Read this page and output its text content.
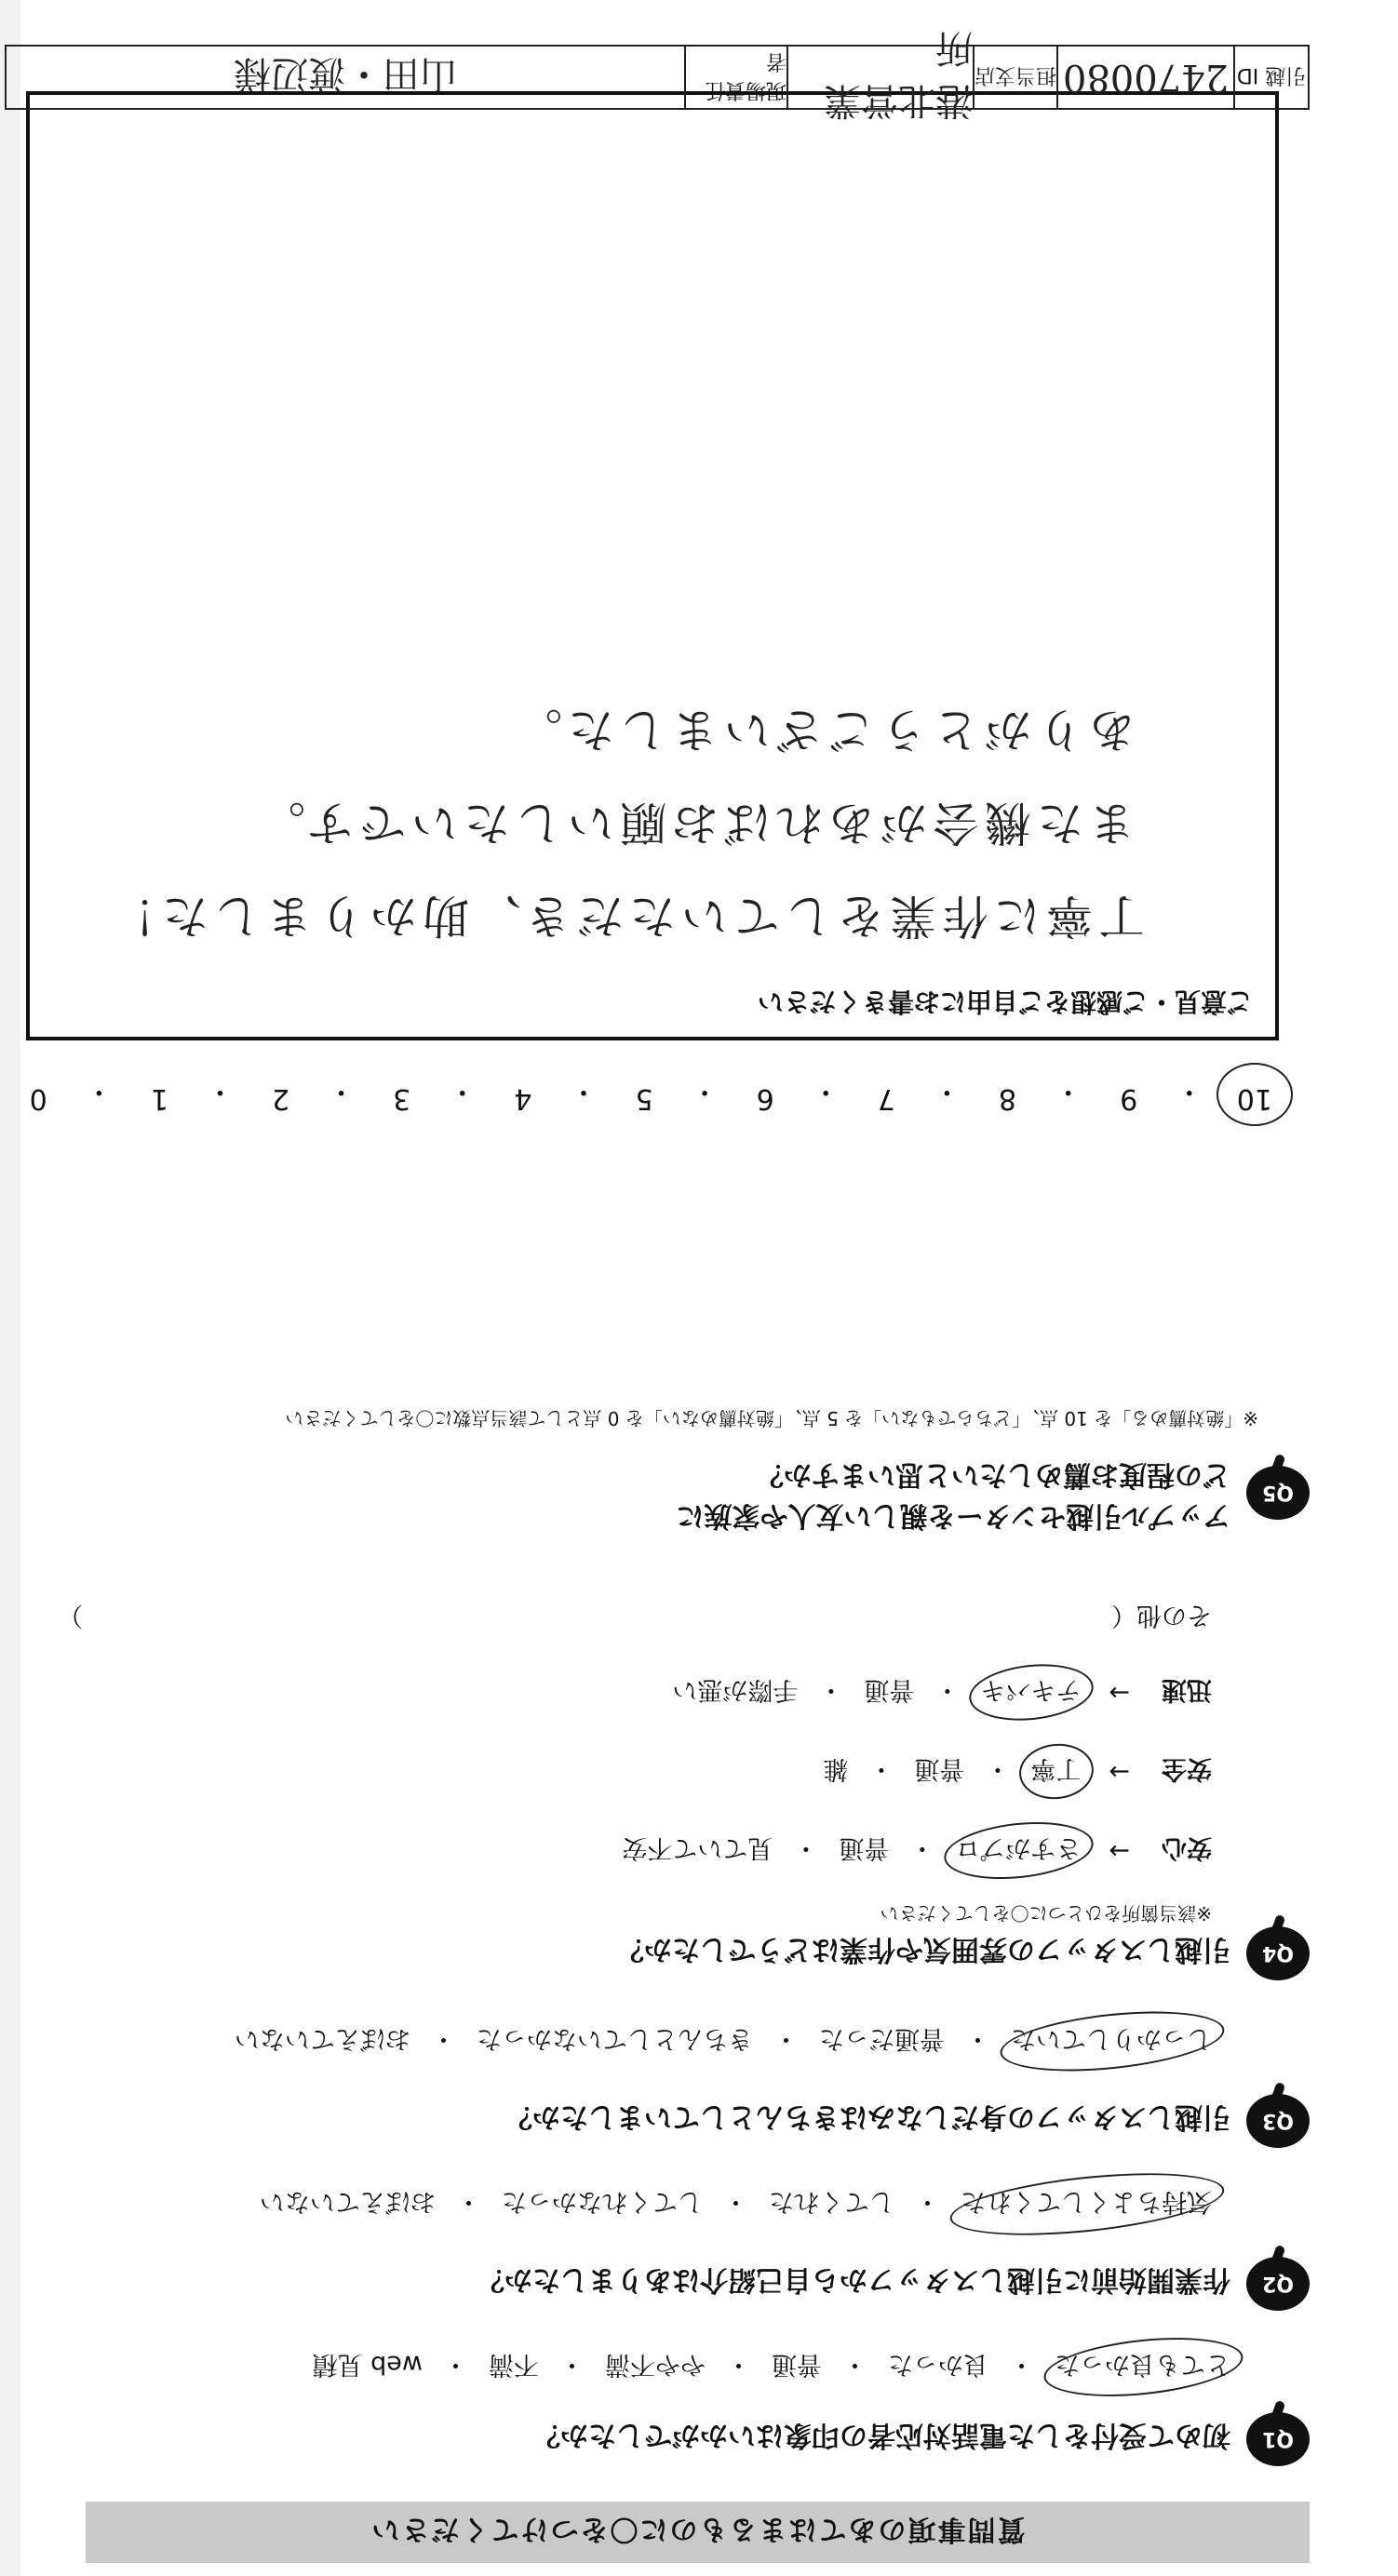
質問事項のあてはまるものに〇をつけてください
Q1
初めて受付をした電話対応者の印象はいかがでしたか？
とても良かった
・
良かった
・
普通
・
やや不満
・
不満
・
web 見積
Q2
作業開始前に引越しスタッフから自己紹介はありましたか？
気持ちよくしてくれた
・
してくれた
・
してくれなかった
・
おぼえていない
Q3
引越しスタッフの身だしなみはきちんとしていましたか？
しっかりしていた
・
普通だった
・
きちんとしていなかった
・
おぼえていない
Q4
引越しスタッフの雰囲気や作業はどうでしたか？
※該当箇所をひとつに〇をしてください
安心
→
さすがプロ
・
普通
・
見ていて不安
安全
→
丁寧
・
普通
・
雑
迅速
→
テキパキ
・
普通
・
手際が悪い
その他（
）
Q5
アップル引越センターを親しい友人や家族に
どの程度お薦めしたいと思いますか？
※「絶対薦める」を 10 点、「どちらでもない」を 5 点、「絶対薦めない」を 0 点として該当点数に〇をしてください
10
・
9
・
8
・
7
・
6
・
5
・
4
・
3
・
2
・
1
・
0
ご意見・ご感想をご自由にお書きください
丁寧に作業をしていただき、助かりました！
また機会があればお願いしたいです。
ありがとうございました。
引越 ID
2470080
担当支店
港北営業所
現場責任者
山田・渡辺様
